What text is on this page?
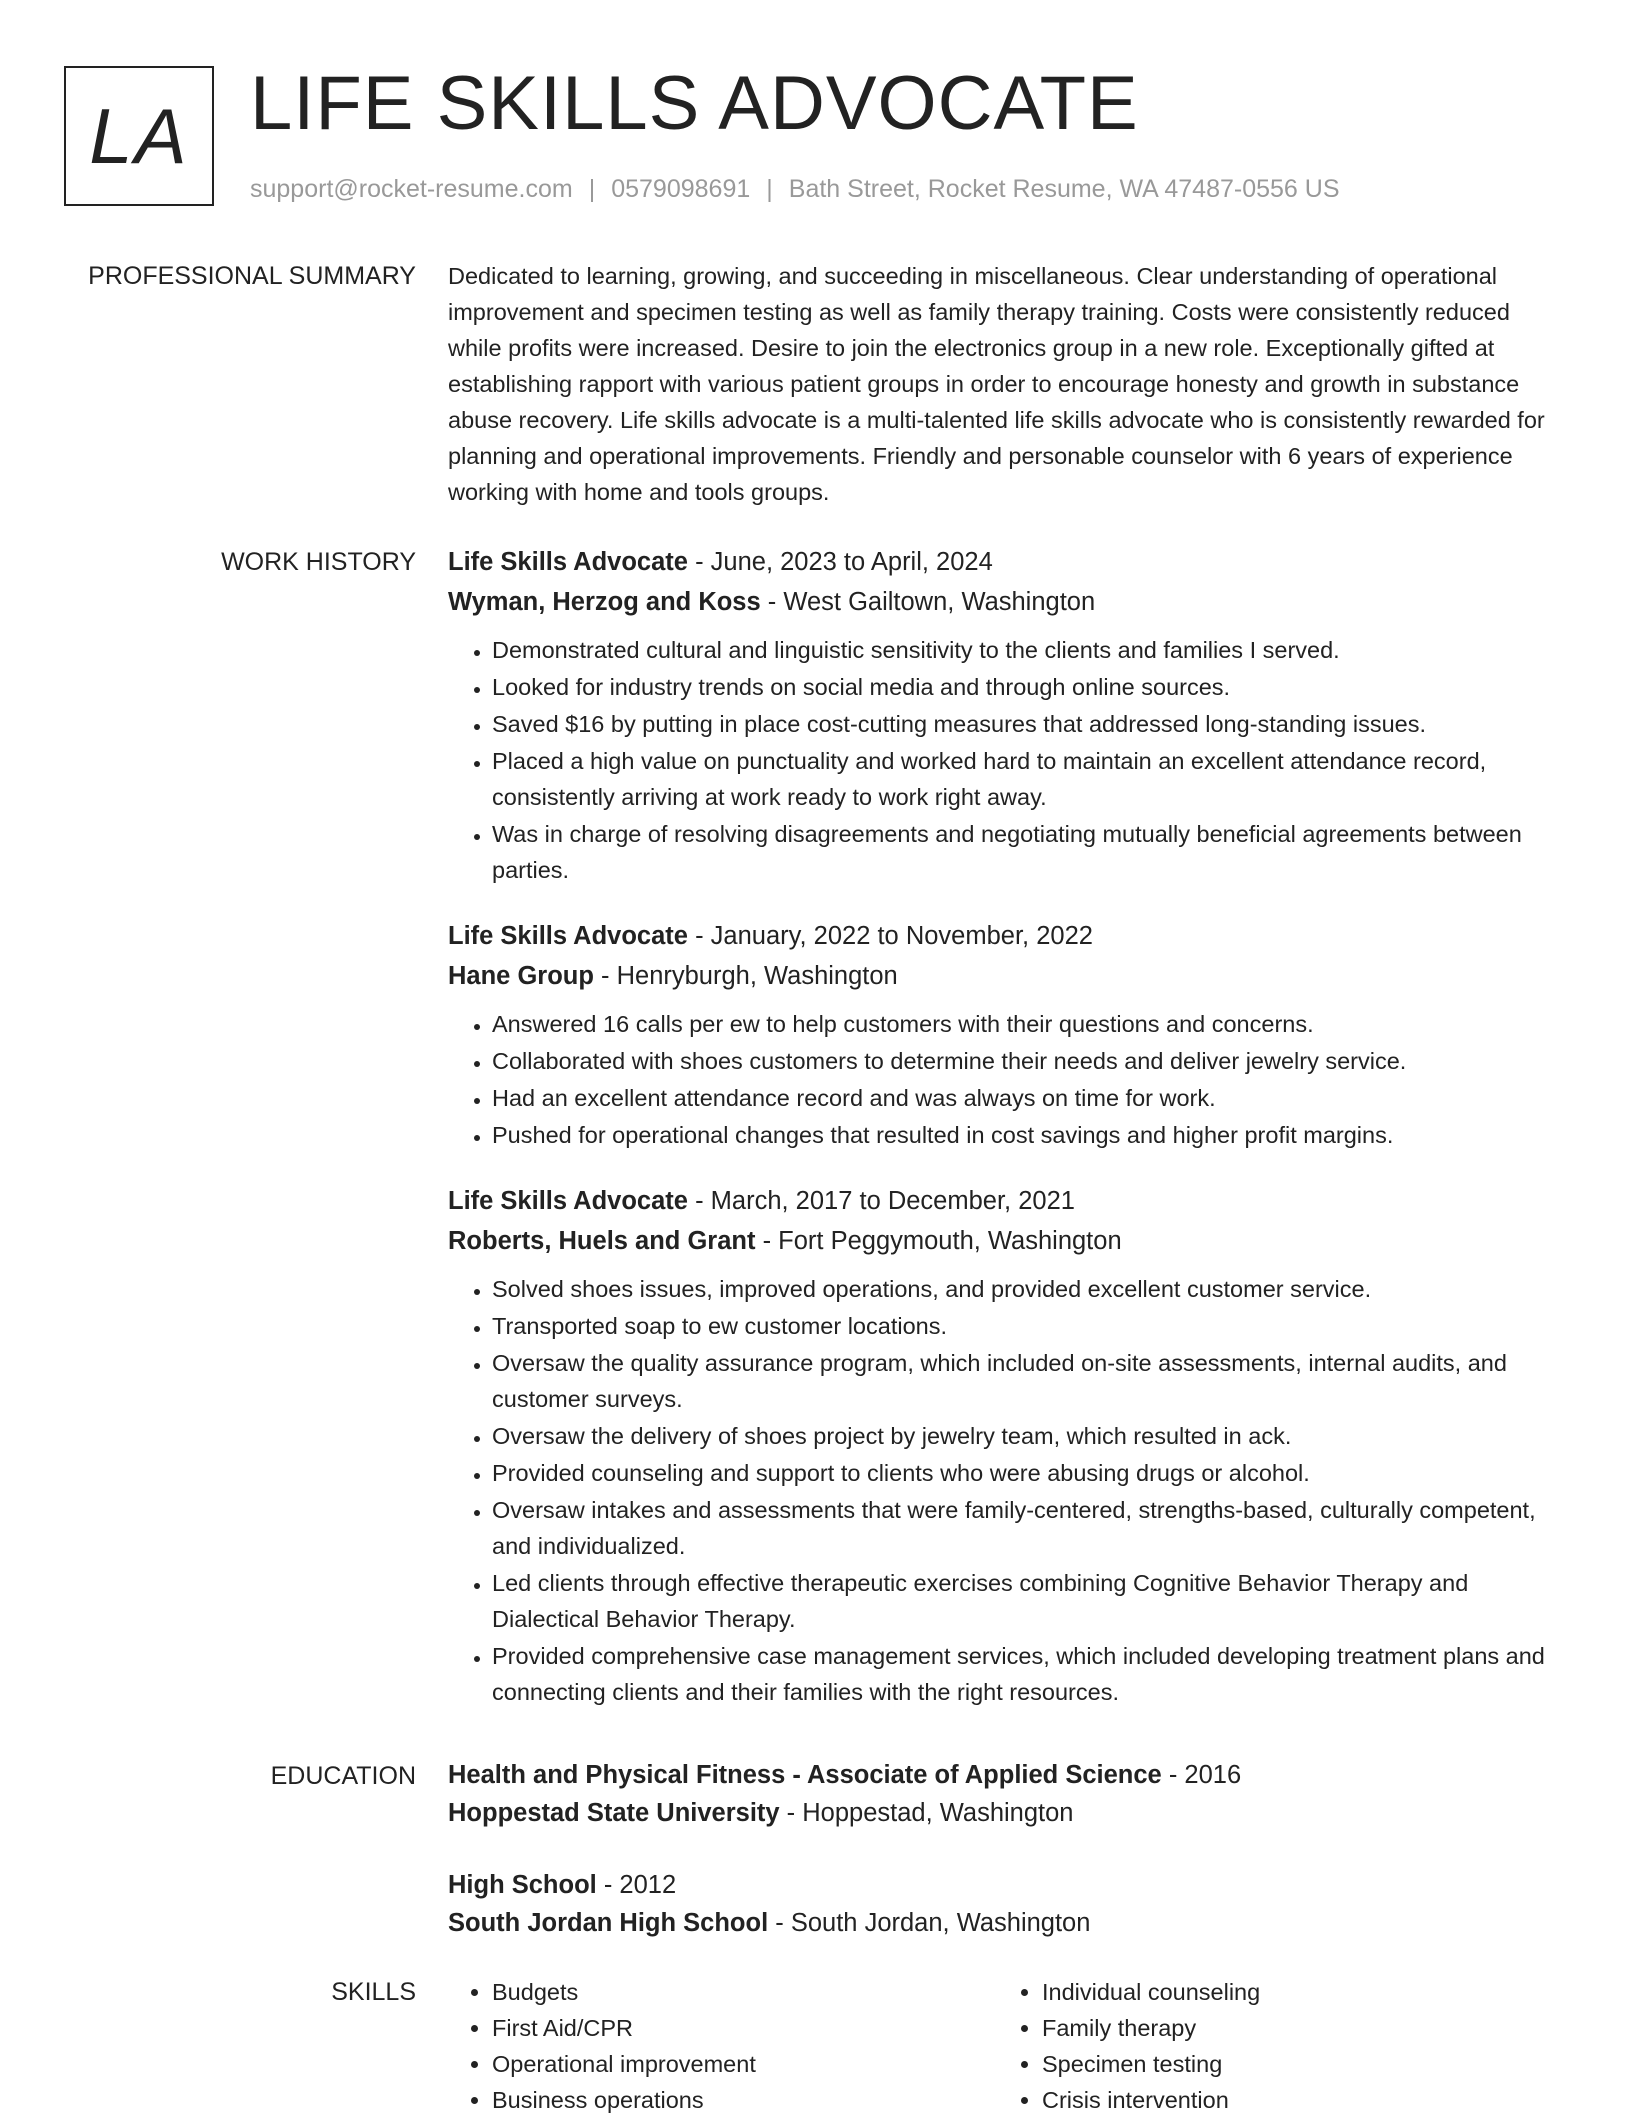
LA LIFE SKILLS ADVOCATE
support@rocket-resume.com | 0579098691 | Bath Street, Rocket Resume, WA 47487-0556 US
PROFESSIONAL SUMMARY Dedicated to learning, growing, and succeeding in miscellaneous. Clear understanding of operational improvement and specimen testing as well as family therapy training. Costs were consistently reduced while profits were increased. Desire to join the electronics group in a new role. Exceptionally gifted at establishing rapport with various patient groups in order to encourage honesty and growth in substance abuse recovery. Life skills advocate is a multi-talented life skills advocate who is consistently rewarded for planning and operational improvements. Friendly and personable counselor with 6 years of experience working with home and tools groups.

WORK HISTORY Life Skills Advocate - June, 2023 to April, 2024
Wyman, Herzog and Koss - West Gailtown, Washington
• Demonstrated cultural and linguistic sensitivity to the clients and families I served.
• Looked for industry trends on social media and through online sources.
• Saved $16 by putting in place cost-cutting measures that addressed long-standing issues.
• Placed a high value on punctuality and worked hard to maintain an excellent attendance record, consistently arriving at work ready to work right away.
• Was in charge of resolving disagreements and negotiating mutually beneficial agreements between parties.
Life Skills Advocate - January, 2022 to November, 2022
Hane Group - Henryburgh, Washington
• Answered 16 calls per ew to help customers with their questions and concerns.
• Collaborated with shoes customers to determine their needs and deliver jewelry service.
• Had an excellent attendance record and was always on time for work.
• Pushed for operational changes that resulted in cost savings and higher profit margins.
Life Skills Advocate - March, 2017 to December, 2021
Roberts, Huels and Grant - Fort Peggymouth, Washington
• Solved shoes issues, improved operations, and provided excellent customer service.
• Transported soap to ew customer locations.
• Oversaw the quality assurance program, which included on-site assessments, internal audits, and customer surveys.
• Oversaw the delivery of shoes project by jewelry team, which resulted in ack.
• Provided counseling and support to clients who were abusing drugs or alcohol.
• Oversaw intakes and assessments that were family-centered, strengths-based, culturally competent, and individualized.
• Led clients through effective therapeutic exercises combining Cognitive Behavior Therapy and Dialectical Behavior Therapy.
• Provided comprehensive case management services, which included developing treatment plans and connecting clients and their families with the right resources.
EDUCATION Health and Physical Fitness - Associate of Applied Science - 2016
Hoppestad State University - Hoppestad, Washington
High School - 2012
South Jordan High School - South Jordan, Washington
SKILLS
•	Budgets
• First Aid/CPR
• Operational improvement
• Business operations
• Individual counseling
• Family therapy
• Specimen testing
• Crisis intervention
